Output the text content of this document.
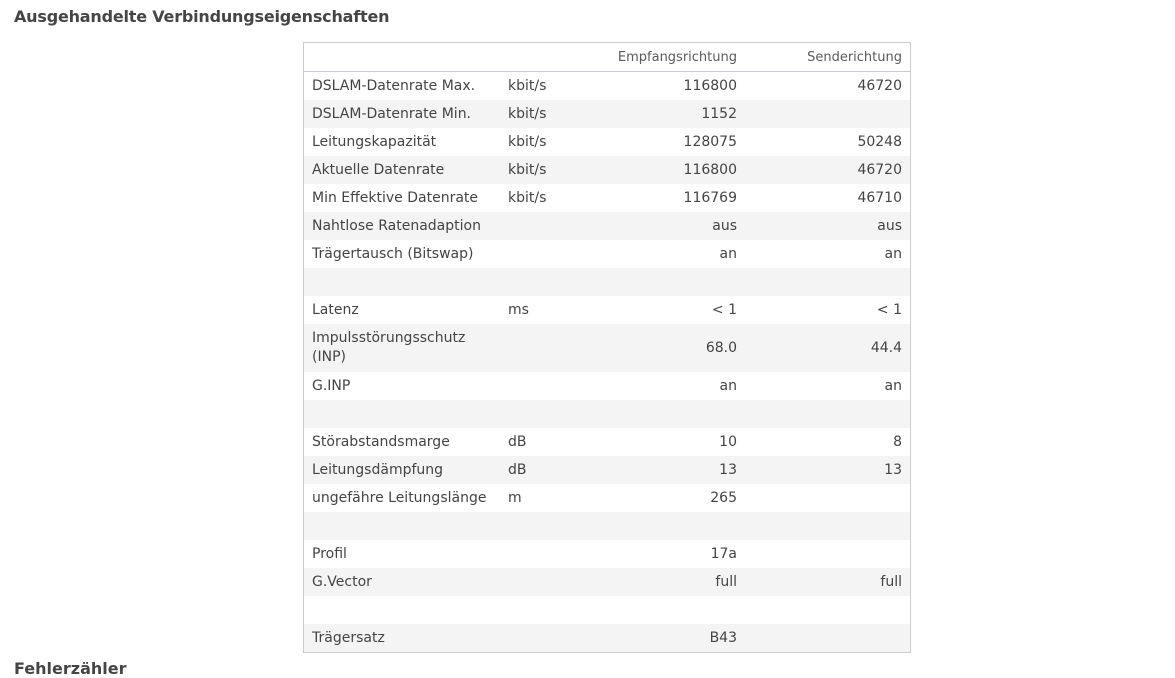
Ausgehandelte Verbindungseigenschaften
		Empfangsrichtung	Senderichtung
DSLAM-Datenrate Max.	kbit/s	116800	46720
DSLAM-Datenrate Min.	kbit/s	1152	
Leitungskapazität	kbit/s	128075	50248
Aktuelle Datenrate	kbit/s	116800	46720
Min Effektive Datenrate	kbit/s	116769	46710
Nahtlose Ratenadaption		aus	aus
Trägertausch (Bitswap)		an	an

Latenz	ms	< 1	< 1
Impulsstörungsschutz (INP)		68.0	44.4
G.INP		an	an

Störabstandsmarge	dB	10	8
Leitungsdämpfung	dB	13	13
ungefähre Leitungslänge	m	265	

Profil		17a	
G.Vector		full	full

Trägersatz		B43	
Fehlerzähler
